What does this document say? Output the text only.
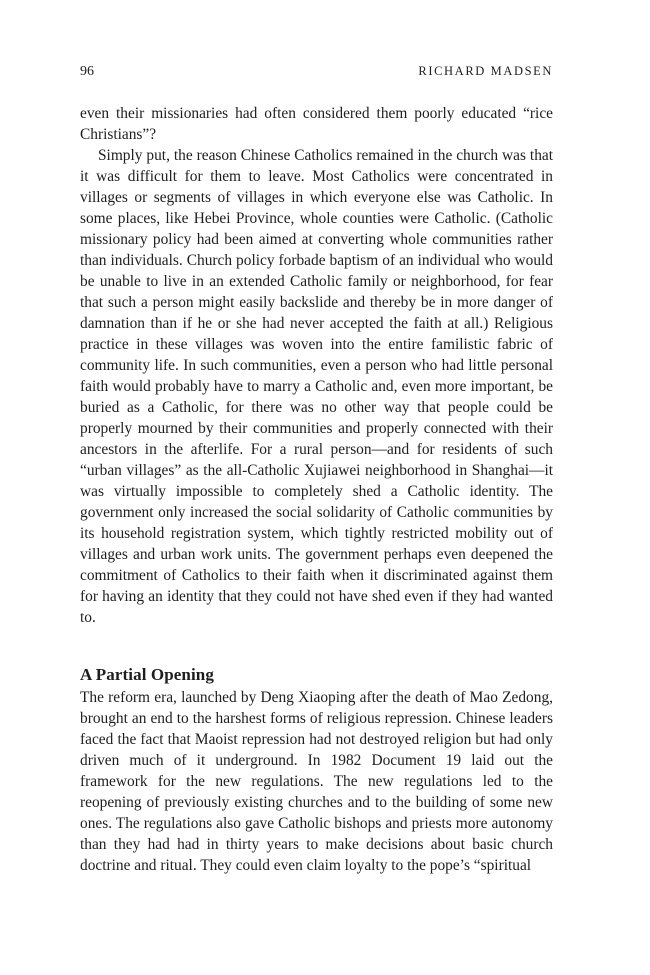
96	RICHARD MADSEN

even their missionaries had often considered them poorly educated “rice Christians”?

Simply put, the reason Chinese Catholics remained in the church was that it was difficult for them to leave. Most Catholics were concentrated in villages or segments of villages in which everyone else was Catholic. In some places, like Hebei Province, whole counties were Catholic. (Catholic missionary policy had been aimed at converting whole communities rather than individuals. Church policy forbade baptism of an individual who would be unable to live in an extended Catholic family or neighborhood, for fear that such a person might easily backslide and thereby be in more danger of damnation than if he or she had never accepted the faith at all.) Religious practice in these villages was woven into the entire familistic fabric of community life. In such communities, even a person who had little personal faith would probably have to marry a Catholic and, even more important, be buried as a Catholic, for there was no other way that people could be properly mourned by their communities and properly connected with their ancestors in the afterlife. For a rural person—and for residents of such “urban villages” as the all-Catholic Xujiawei neighborhood in Shanghai—it was virtually impossible to completely shed a Catholic identity. The government only increased the social solidarity of Catholic communities by its household registration system, which tightly restricted mobility out of villages and urban work units. The government perhaps even deepened the commitment of Catholics to their faith when it discriminated against them for having an identity that they could not have shed even if they had wanted to.

A Partial Opening

The reform era, launched by Deng Xiaoping after the death of Mao Zedong, brought an end to the harshest forms of religious repression. Chinese leaders faced the fact that Maoist repression had not destroyed religion but had only driven much of it underground. In 1982 Document 19 laid out the framework for the new regulations. The new regulations led to the reopening of previously existing churches and to the building of some new ones. The regulations also gave Catholic bishops and priests more autonomy than they had had in thirty years to make decisions about basic church doctrine and ritual. They could even claim loyalty to the pope’s “spiritual
